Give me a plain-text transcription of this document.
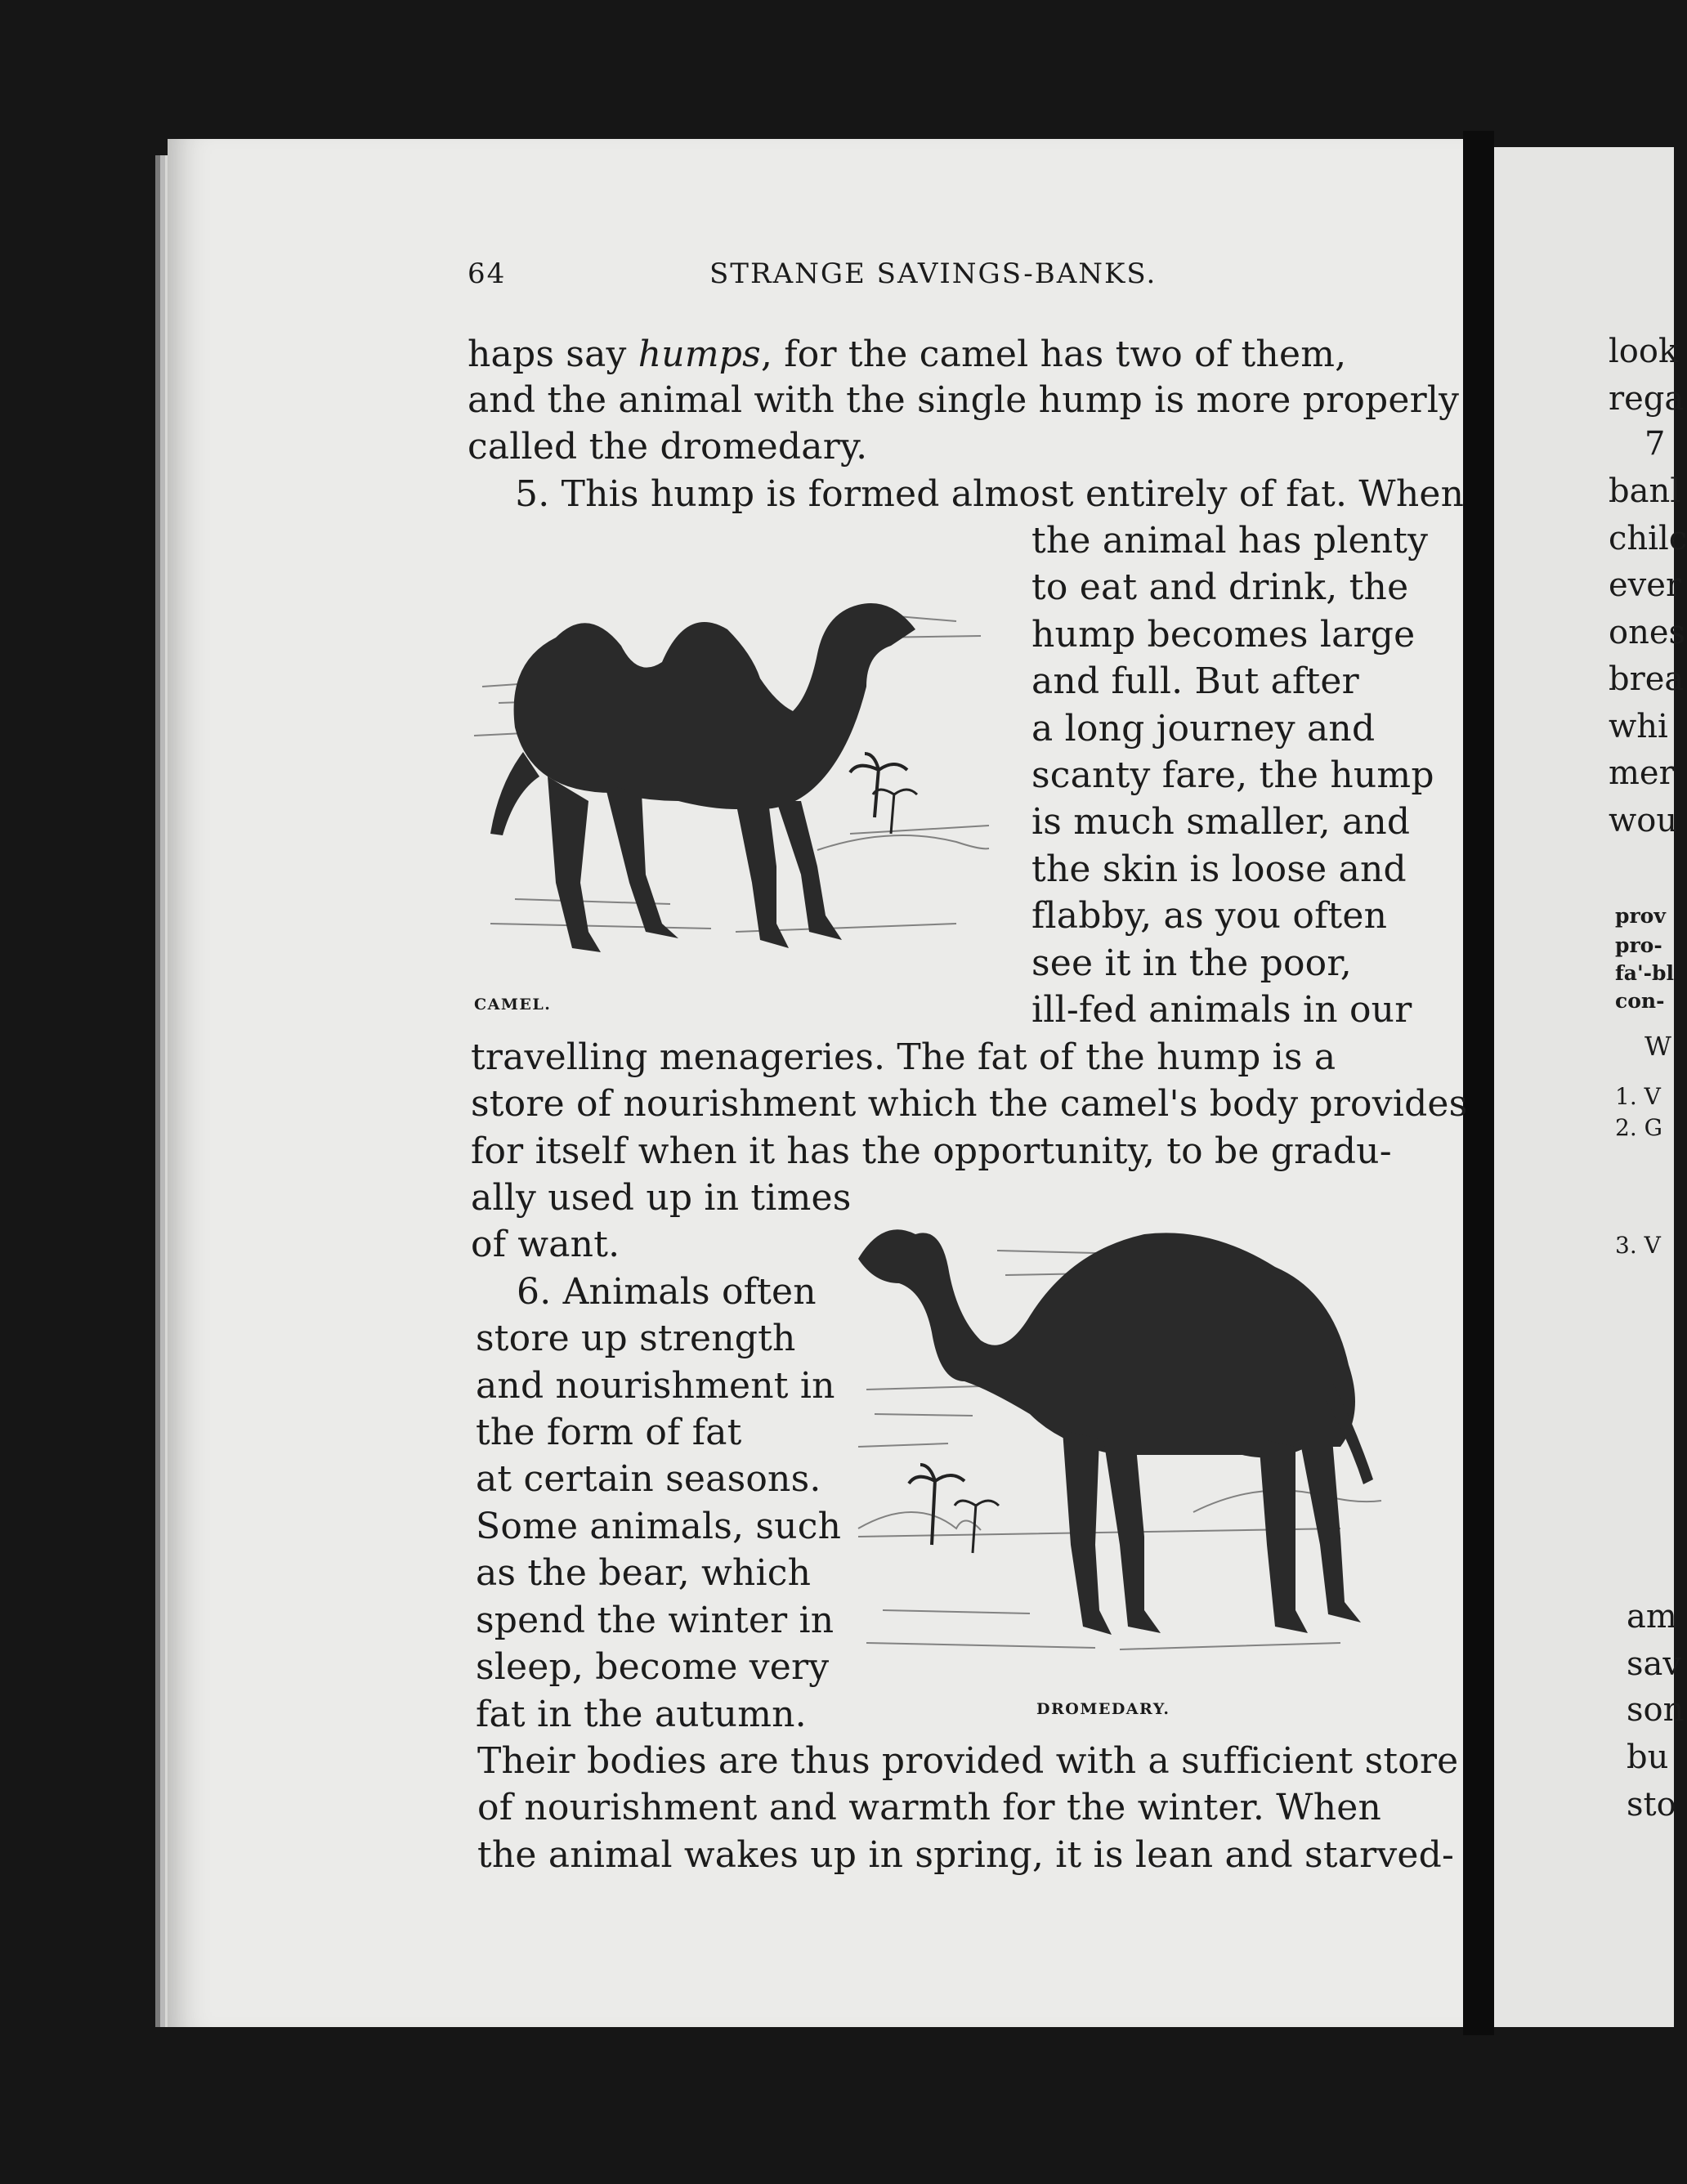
64	STRANGE SAVINGS-BANKS.
haps say humps, for the camel has two of them,
and the animal with the single hump is more properly
called the dromedary.
5. This hump is formed almost entirely of fat. When
the animal has plenty
to eat and drink, the
hump becomes large
and full. But after
a long journey and
scanty fare, the hump
is much smaller, and
the skin is loose and
flabby, as you often
see it in the poor,
ill-fed animals in our
travelling menageries. The fat of the hump is a
store of nourishment which the camel's body provides
for itself when it has the opportunity, to be gradu-
ally used up in times
of want.
6. Animals often
store up strength
and nourishment in
the form of fat
at certain seasons.
Some animals, such
as the bear, which
spend the winter in
sleep, become very
fat in the autumn.
Their bodies are thus provided with a sufficient store
of nourishment and warmth for the winter. When
the animal wakes up in spring, it is lean and starved-
CAMEL.
DROMEDARY.
look
rega
7
banl
chilc
ever
ones
brea
whi
mer
wou
prov
pro-
fa'-bl
con-
W
1. V
2. G
3. V
am
sav
son
bu
sto
